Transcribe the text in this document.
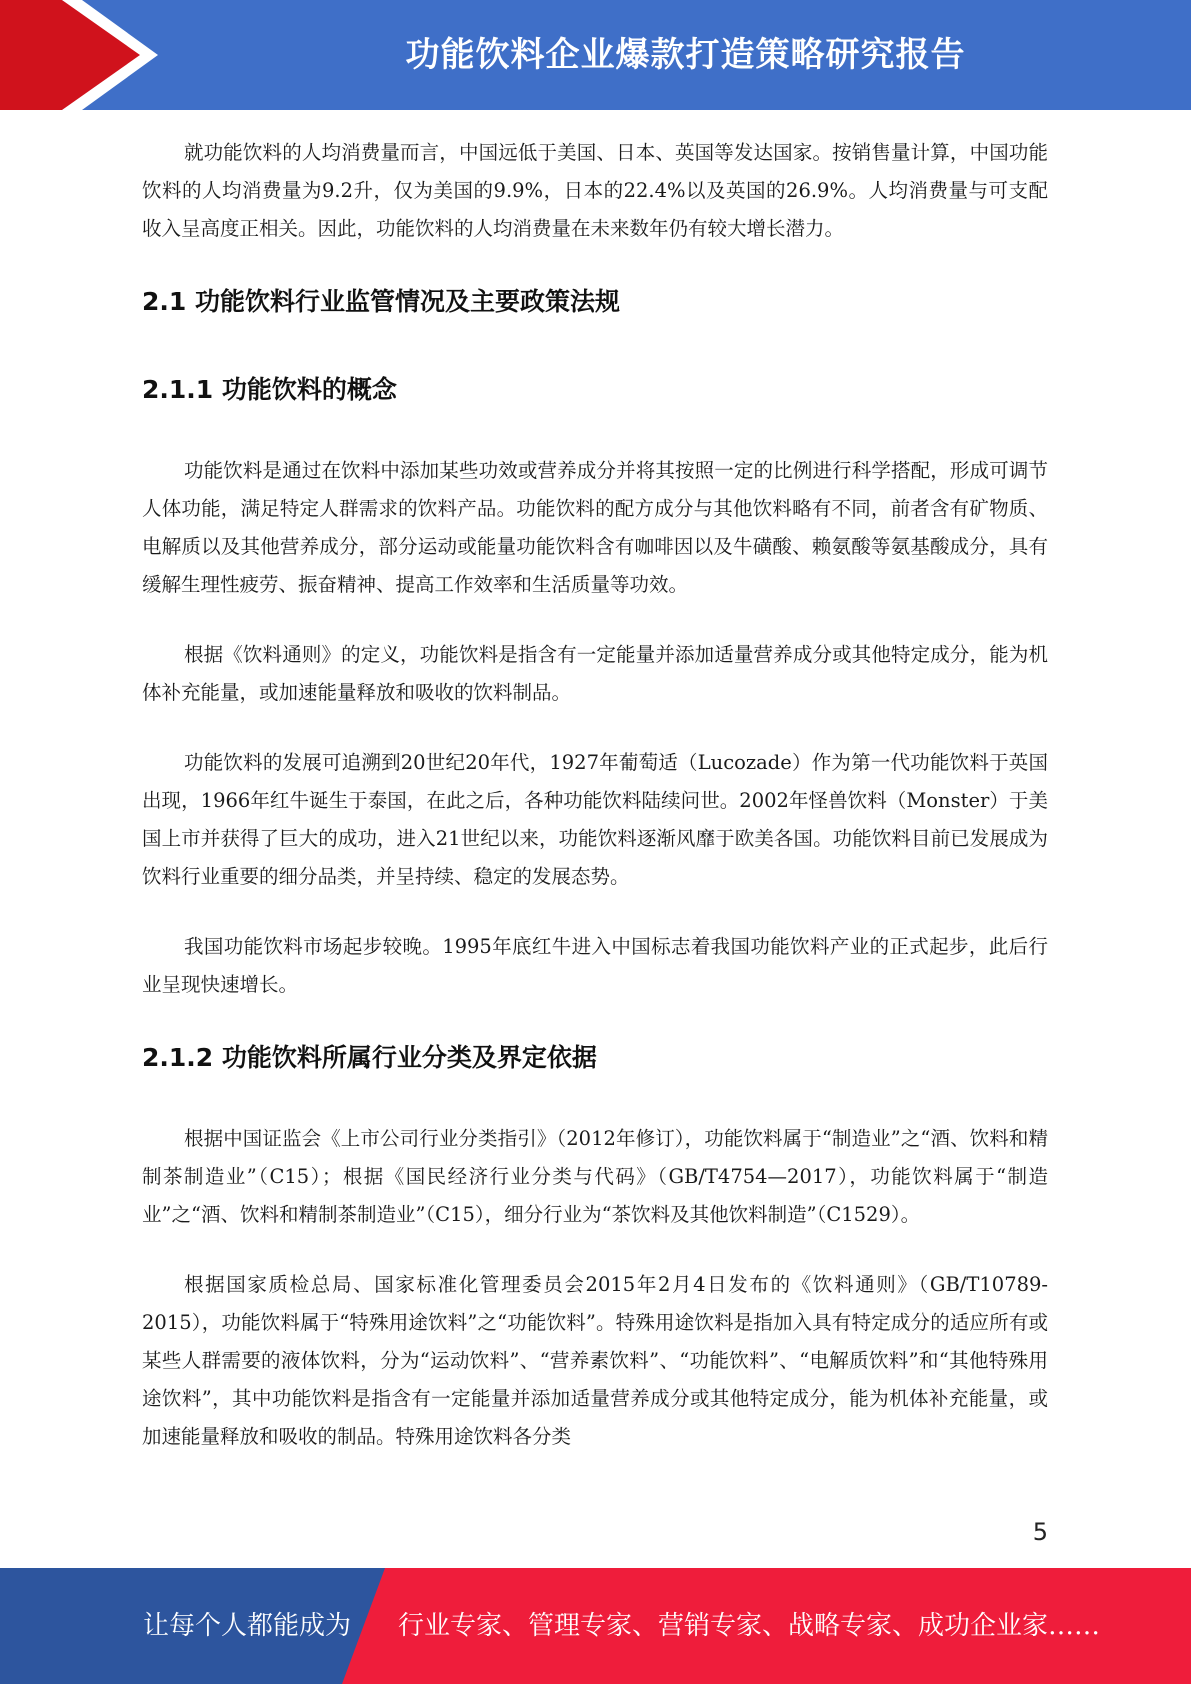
功能饮料企业爆款打造策略研究报告

就功能饮料的人均消费量而言，中国远低于美国、日本、英国等发达国家。按销售量计算，中国功能饮料的人均消费量为9.2升，仅为美国的9.9%，日本的22.4%以及英国的26.9%。人均消费量与可支配收入呈高度正相关。因此，功能饮料的人均消费量在未来数年仍有较大增长潜力。

2.1 功能饮料行业监管情况及主要政策法规
2.1.1 功能饮料的概念

功能饮料是通过在饮料中添加某些功效或营养成分并将其按照一定的比例进行科学搭配，形成可调节人体功能，满足特定人群需求的饮料产品。功能饮料的配方成分与其他饮料略有不同，前者含有矿物质、电解质以及其他营养成分，部分运动或能量功能饮料含有咖啡因以及牛磺酸、赖氨酸等氨基酸成分，具有缓解生理性疲劳、振奋精神、提高工作效率和生活质量等功效。

根据《饮料通则》的定义，功能饮料是指含有一定能量并添加适量营养成分或其他特定成分，能为机体补充能量，或加速能量释放和吸收的饮料制品。

功能饮料的发展可追溯到20世纪20年代，1927年葡萄适（Lucozade）作为第一代功能饮料于英国出现，1966年红牛诞生于泰国，在此之后，各种功能饮料陆续问世。2002年怪兽饮料（Monster）于美国上市并获得了巨大的成功，进入21世纪以来，功能饮料逐渐风靡于欧美各国。功能饮料目前已发展成为饮料行业重要的细分品类，并呈持续、稳定的发展态势。

我国功能饮料市场起步较晚。1995年底红牛进入中国标志着我国功能饮料产业的正式起步，此后行业呈现快速增长。

2.1.2 功能饮料所属行业分类及界定依据

根据中国证监会《上市公司行业分类指引》（2012年修订），功能饮料属于“制造业”之“酒、饮料和精制茶制造业”（C15）；根据《国民经济行业分类与代码》（GB/T4754—2017），功能饮料属于“制造业”之“酒、饮料和精制茶制造业”（C15），细分行业为“茶饮料及其他饮料制造”（C1529）。

根据国家质检总局、国家标准化管理委员会2015年2月4日发布的《饮料通则》（GB/T10789-2015），功能饮料属于“特殊用途饮料”之“功能饮料”。特殊用途饮料是指加入具有特定成分的适应所有或某些人群需要的液体饮料，分为“运动饮料”、“营养素饮料”、“功能饮料”、“电解质饮料”和“其他特殊用途饮料”，其中功能饮料是指含有一定能量并添加适量营养成分或其他特定成分，能为机体补充能量，或加速能量释放和吸收的制品。特殊用途饮料各分类

5
让每个人都能成为 行业专家、管理专家、营销专家、战略专家、成功企业家……
